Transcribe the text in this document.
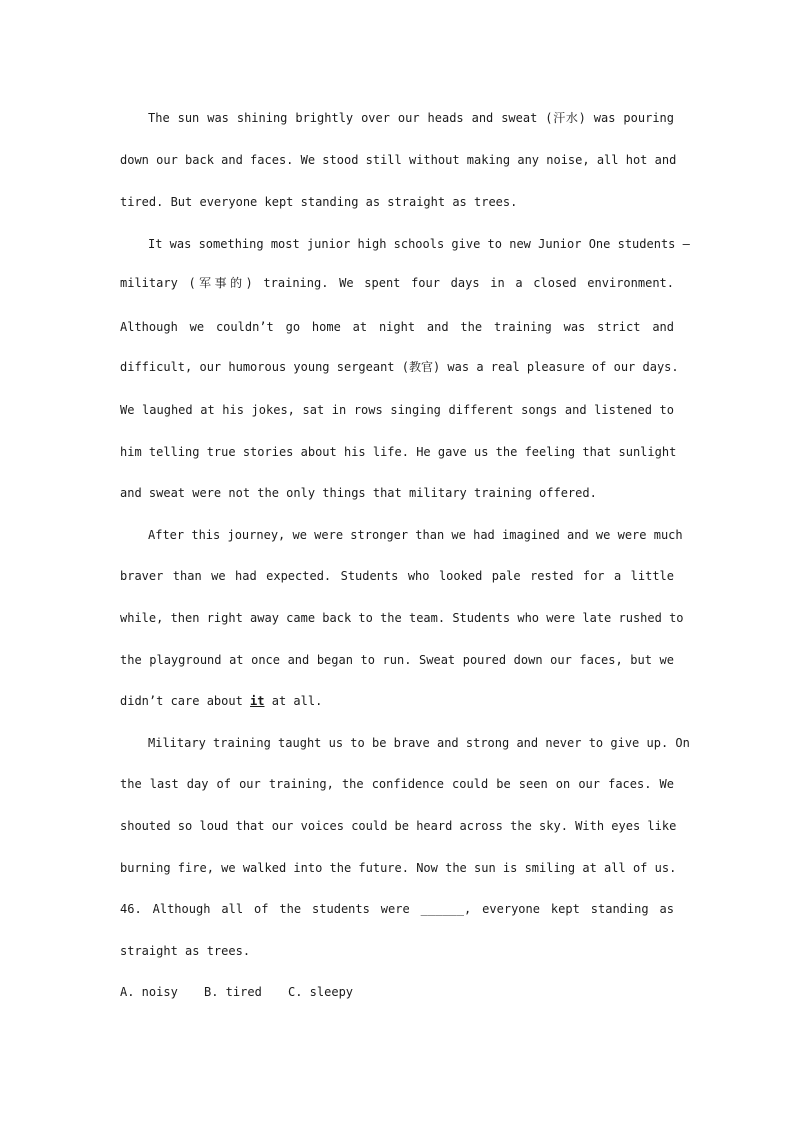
The sun was shining brightly over our heads and sweat (汗水) was pouring
down our back and faces. We stood still without making any noise, all hot and
tired. But everyone kept standing as straight as trees.
It was something most junior high schools give to new Junior One students –
military (军事的) training. We spent four days in a closed environment.
Although we couldn’t go home at night and the training was strict and
difficult, our humorous young sergeant (教官) was a real pleasure of our days.
We laughed at his jokes, sat in rows singing different songs and listened to
him telling true stories about his life. He gave us the feeling that sunlight
and sweat were not the only things that military training offered.
After this journey, we were stronger than we had imagined and we were much
braver than we had expected. Students who looked pale rested for a little
while, then right away came back to the team. Students who were late rushed to
the playground at once and began to run. Sweat poured down our faces, but we
didn’t care about it at all.
Military training taught us to be brave and strong and never to give up. On
the last day of our training, the confidence could be seen on our faces. We
shouted so loud that our voices could be heard across the sky. With eyes like
burning fire, we walked into the future. Now the sun is smiling at all of us.
46. Although all of the students were ______, everyone kept standing as
straight as trees.
A. noisy B. tired C. sleepy
